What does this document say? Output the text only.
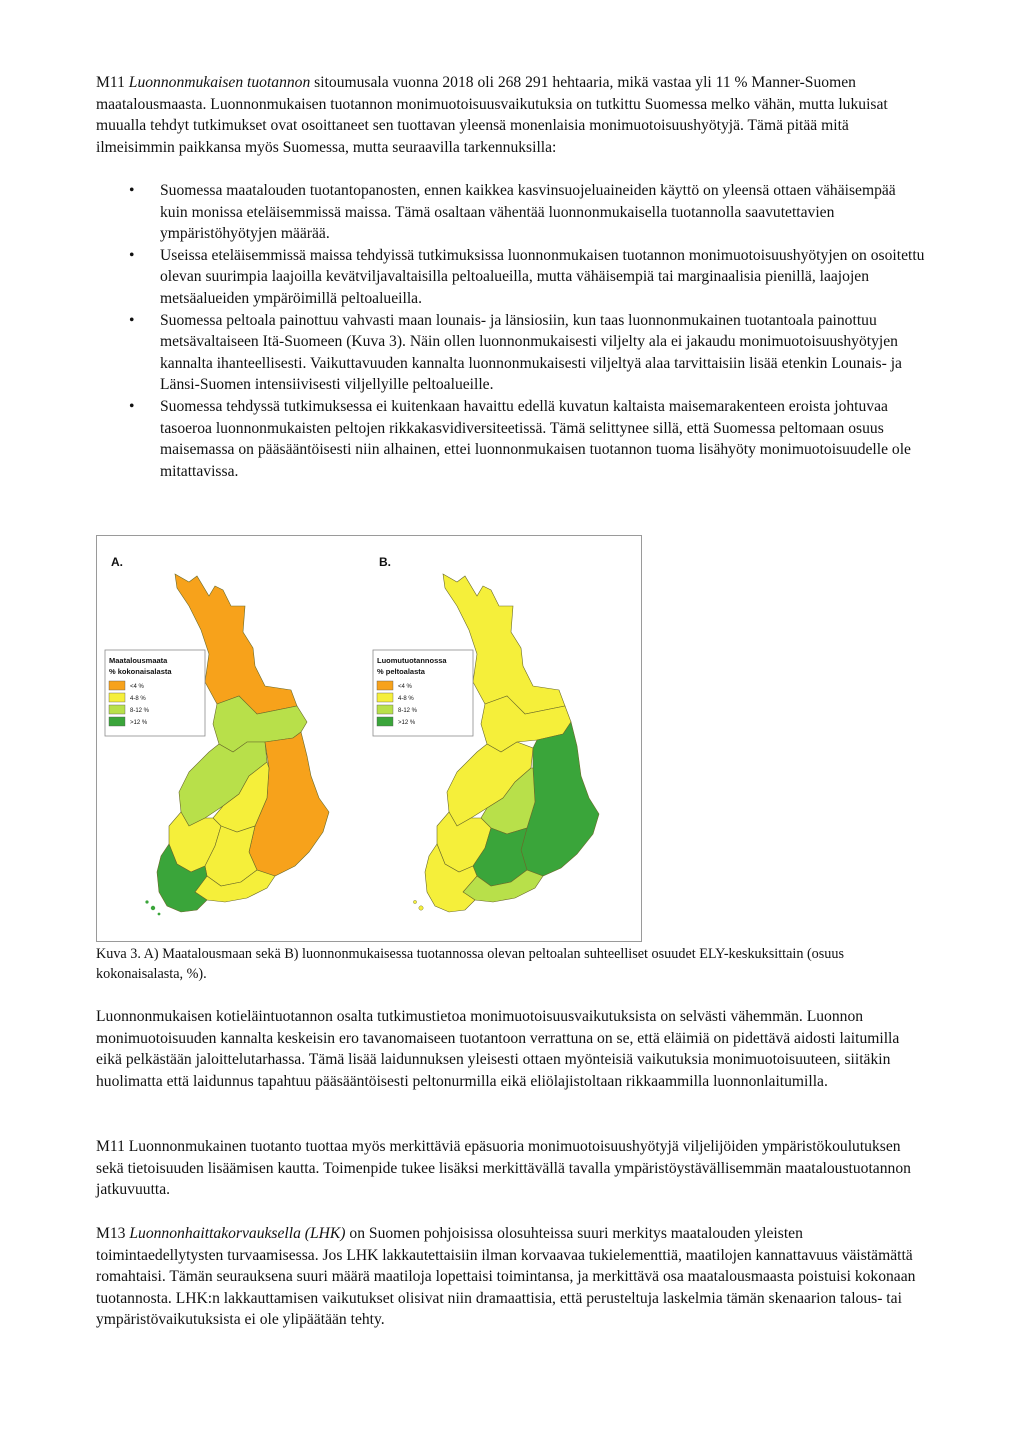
M11 Luonnonmukaisen tuotannon sitoumusala vuonna 2018 oli 268 291 hehtaaria, mikä vastaa yli 11 % Manner-Suomen maatalousmaasta. Luonnonmukaisen tuotannon monimuotoisuusvaikutuksia on tutkittu Suomessa melko vähän, mutta lukuisat muualla tehdyt tutkimukset ovat osoittaneet sen tuottavan yleensä monenlaisia monimuotoisuushyötyjä. Tämä pitää mitä ilmeisimmin paikkansa myös Suomessa, mutta seuraavilla tarkennuksilla:

• Suomessa maatalouden tuotantopanosten, ennen kaikkea kasvinsuojeluaineiden käyttö on yleensä ottaen vähäisempää kuin monissa eteläisemmissä maissa. Tämä osaltaan vähentää luonnonmukaisella tuotannolla saavutettavien ympäristöhyötyjen määrää.
• Useissa eteläisemmissä maissa tehdyissä tutkimuksissa luonnonmukaisen tuotannon monimuotoisuushyötyjen on osoitettu olevan suurimpia laajoilla kevätviljavaltaisilla peltoalueilla, mutta vähäisempiä tai marginaalisia pienillä, laajojen metsäalueiden ympäröimillä peltoalueilla.
• Suomessa peltoala painottuu vahvasti maan lounais- ja länsiosiin, kun taas luonnonmukainen tuotantoala painottuu metsävaltaiseen Itä-Suomeen (Kuva 3). Näin ollen luonnonmukaisesti viljelty ala ei jakaudu monimuotoisuushyötyjen kannalta ihanteellisesti. Vaikuttavuuden kannalta luonnonmukaisesti viljeltyä alaa tarvittaisiin lisää etenkin Lounais- ja Länsi-Suomen intensiivisesti viljellyille peltoalueille.
• Suomessa tehdyssä tutkimuksessa ei kuitenkaan havaittu edellä kuvatun kaltaista maisemarakenteen eroista johtuvaa tasoeroa luonnonmukaisten peltojen rikkakasvidiversiteetissä. Tämä selittynee sillä, että Suomessa peltomaan osuus maisemassa on pääsääntöisesti niin alhainen, ettei luonnonmukaisen tuotannon tuoma lisähyöty monimuotoisuudelle ole mitattavissa.
A.
Maatalousmaata
% kokonaisalasta
<4 %
4-8 %
8-12 %
>12 %
B.
Luomutuotannossa
% peltoalasta
<4 %
4-8 %
8-12 %
>12 %
Kuva 3. A) Maatalousmaan sekä B) luonnonmukaisessa tuotannossa olevan peltoalan suhteelliset osuudet ELY-keskuksittain (osuus kokonaisalasta, %).

Luonnonmukaisen kotieläintuotannon osalta tutkimustietoa monimuotoisuusvaikutuksista on selvästi vähemmän. Luonnon monimuotoisuuden kannalta keskeisin ero tavanomaiseen tuotantoon verrattuna on se, että eläimiä on pidettävä aidosti laitumilla eikä pelkästään jaloittelutarhassa. Tämä lisää laidunnuksen yleisesti ottaen myönteisiä vaikutuksia monimuotoisuuteen, siitäkin huolimatta että laidunnus tapahtuu pääsääntöisesti peltonurmilla eikä eliölajistoltaan rikkaammilla luonnonlaitumilla.

M11 Luonnonmukainen tuotanto tuottaa myös merkittäviä epäsuoria monimuotoisuushyötyjä viljelijöiden ympäristökoulutuksen sekä tietoisuuden lisäämisen kautta. Toimenpide tukee lisäksi merkittävällä tavalla ympäristöystävällisemmän maataloustuotannon jatkuvuutta.

M13 Luonnonhaittakorvauksella (LHK) on Suomen pohjoisissa olosuhteissa suuri merkitys maatalouden yleisten toimintaedellytysten turvaamisessa. Jos LHK lakkautettaisiin ilman korvaavaa tukielementtiä, maatilojen kannattavuus väistämättä romahtaisi. Tämän seurauksena suuri määrä maatiloja lopettaisi toimintansa, ja merkittävä osa maatalousmaasta poistuisi kokonaan tuotannosta. LHK:n lakkauttamisen vaikutukset olisivat niin dramaattisia, että perusteltuja laskelmia tämän skenaarion talous- tai ympäristövaikutuksista ei ole ylipäätään tehty.
